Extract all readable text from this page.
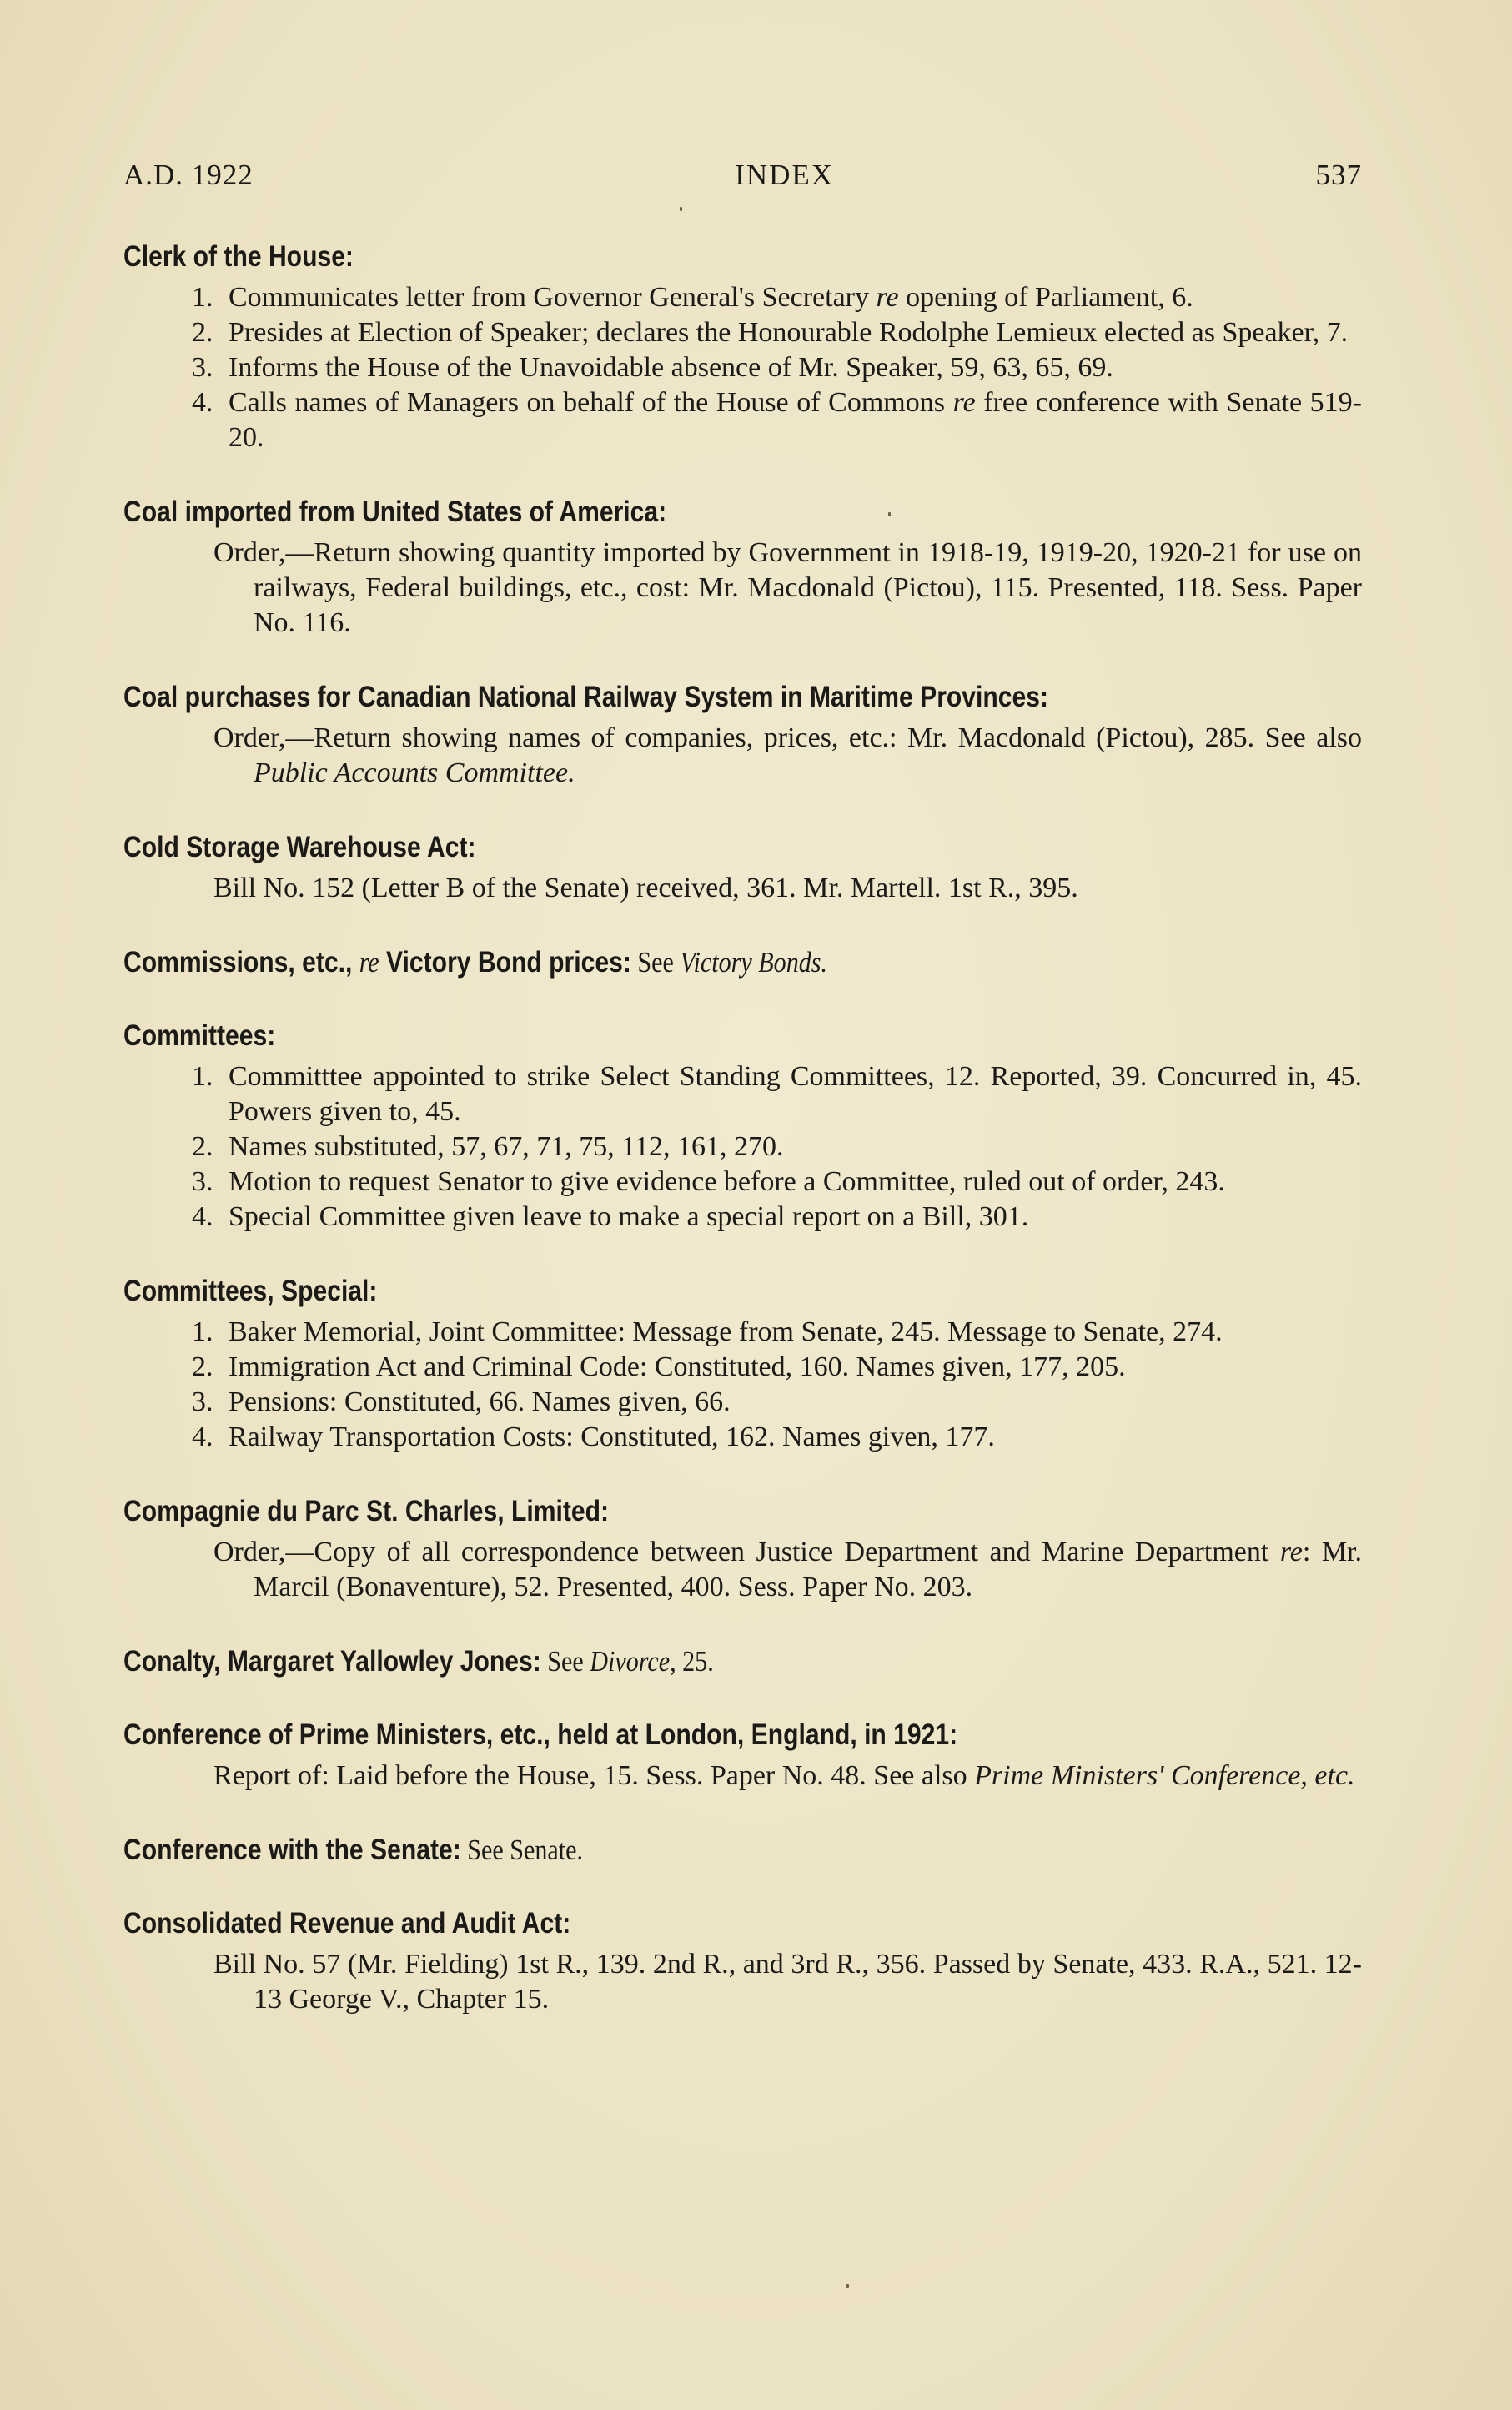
A.D. 1922	INDEX	537
Clerk of the House:
1. Communicates letter from Governor General's Secretary re opening of Parliament, 6.
2. Presides at Election of Speaker; declares the Honourable Rodolphe Lemieux elected as Speaker, 7.
3. Informs the House of the Unavoidable absence of Mr. Speaker, 59, 63, 65, 69.
4. Calls names of Managers on behalf of the House of Commons re free conference with Senate 519-20.
Coal imported from United States of America:
Order,—Return showing quantity imported by Government in 1918-19, 1919-20, 1920-21 for use on railways, Federal buildings, etc., cost: Mr. Macdonald (Pictou), 115. Presented, 118. Sess. Paper No. 116.
Coal purchases for Canadian National Railway System in Maritime Provinces:
Order,—Return showing names of companies, prices, etc.: Mr. Macdonald (Pictou), 285. See also Public Accounts Committee.
Cold Storage Warehouse Act:
Bill No. 152 (Letter B of the Senate) received, 361. Mr. Martell. 1st R., 395.
Commissions, etc., re Victory Bond prices: See Victory Bonds.
Committees:
1. Committtee appointed to strike Select Standing Committees, 12. Reported, 39. Concurred in, 45. Powers given to, 45.
2. Names substituted, 57, 67, 71, 75, 112, 161, 270.
3. Motion to request Senator to give evidence before a Committee, ruled out of order, 243.
4. Special Committee given leave to make a special report on a Bill, 301.
Committees, Special:
1. Baker Memorial, Joint Committee: Message from Senate, 245. Message to Senate, 274.
2. Immigration Act and Criminal Code: Constituted, 160. Names given, 177, 205.
3. Pensions: Constituted, 66. Names given, 66.
4. Railway Transportation Costs: Constituted, 162. Names given, 177.
Compagnie du Parc St. Charles, Limited:
Order,—Copy of all correspondence between Justice Department and Marine Department re: Mr. Marcil (Bonaventure), 52. Presented, 400. Sess. Paper No. 203.
Conalty, Margaret Yallowley Jones: See Divorce, 25.
Conference of Prime Ministers, etc., held at London, England, in 1921:
Report of: Laid before the House, 15. Sess. Paper No. 48. See also Prime Ministers' Conference, etc.
Conference with the Senate: See Senate.
Consolidated Revenue and Audit Act:
Bill No. 57 (Mr. Fielding) 1st R., 139. 2nd R., and 3rd R., 356. Passed by Senate, 433. R.A., 521. 12-13 George V., Chapter 15.
